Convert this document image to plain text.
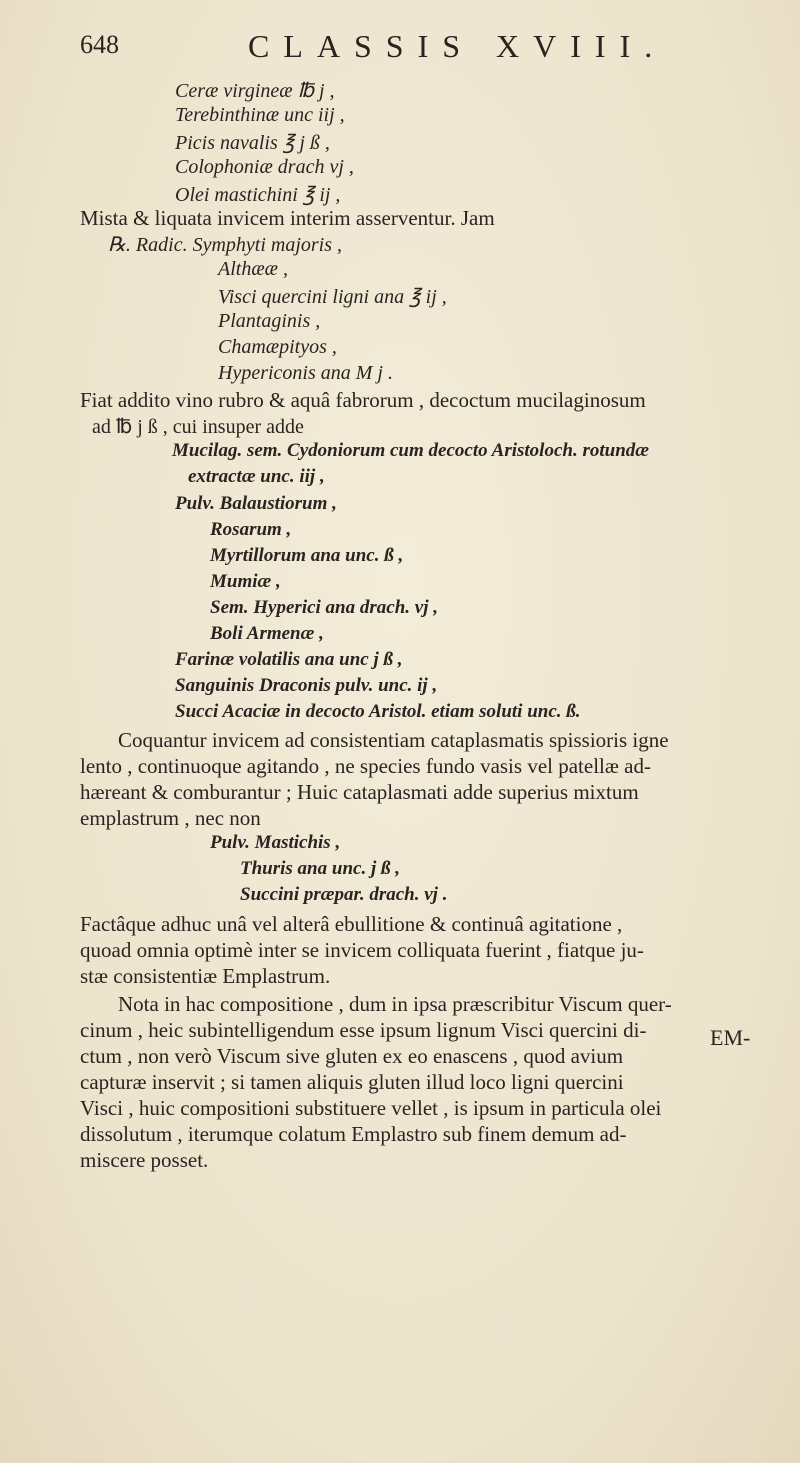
648	CLASSIS XVIII.
Ceræ virgineæ ℔ j ,
Terebinthinæ unc iij ,
Picis navalis ℥ j ß ,
Colophoniæ drach vj ,
Olei mastichini ℥ ij ,
Mista & liquata invicem interim asserventur. Jam
℞. Radic. Symphyti majoris ,
Althææ ,
Visci quercini ligni ana ℥ ij ,
Plantaginis ,
Chamæpityos ,
Hypericonis ana M j .
Fiat addito vino rubro & aquâ fabrorum , decoctum mucilaginosum
ad ℔ j ß , cui insuper adde
Mucilag. sem. Cydoniorum cum decocto Aristoloch. rotundæ
extractæ unc. iij ,
Pulv. Balaustiorum ,
Rosarum ,
Myrtillorum ana unc. ß ,
Mumiæ ,
Sem. Hyperici ana drach. vj ,
Boli Armenæ ,
Farinæ volatilis ana unc j ß ,
Sanguinis Draconis pulv. unc. ij ,
Succi Acaciæ in decocto Aristol. etiam soluti unc. ß.
Coquantur invicem ad consistentiam cataplasmatis spissioris igne
lento , continuoque agitando , ne species fundo vasis vel patellæ ad-
hæreant & comburantur ; Huic cataplasmati adde superius mixtum
emplastrum , nec non
Pulv. Mastichis ,
Thuris ana unc. j ß ,
Succini præpar. drach. vj .
Factâque adhuc unâ vel alterâ ebullitione & continuâ agitatione ,
quoad omnia optimè inter se invicem colliquata fuerint , fiatque ju-
stæ consistentiæ Emplastrum.
Nota in hac compositione , dum in ipsa præscribitur Viscum quer-
cinum , heic subintelligendum esse ipsum lignum Visci quercini di-
ctum , non verò Viscum sive gluten ex eo enascens , quod avium
capturæ inservit ; si tamen aliquis gluten illud loco ligni quercini
Visci , huic compositioni substituere vellet , is ipsum in particula olei
dissolutum , iterumque colatum Emplastro sub finem demum ad-
miscere posset.
EM-
